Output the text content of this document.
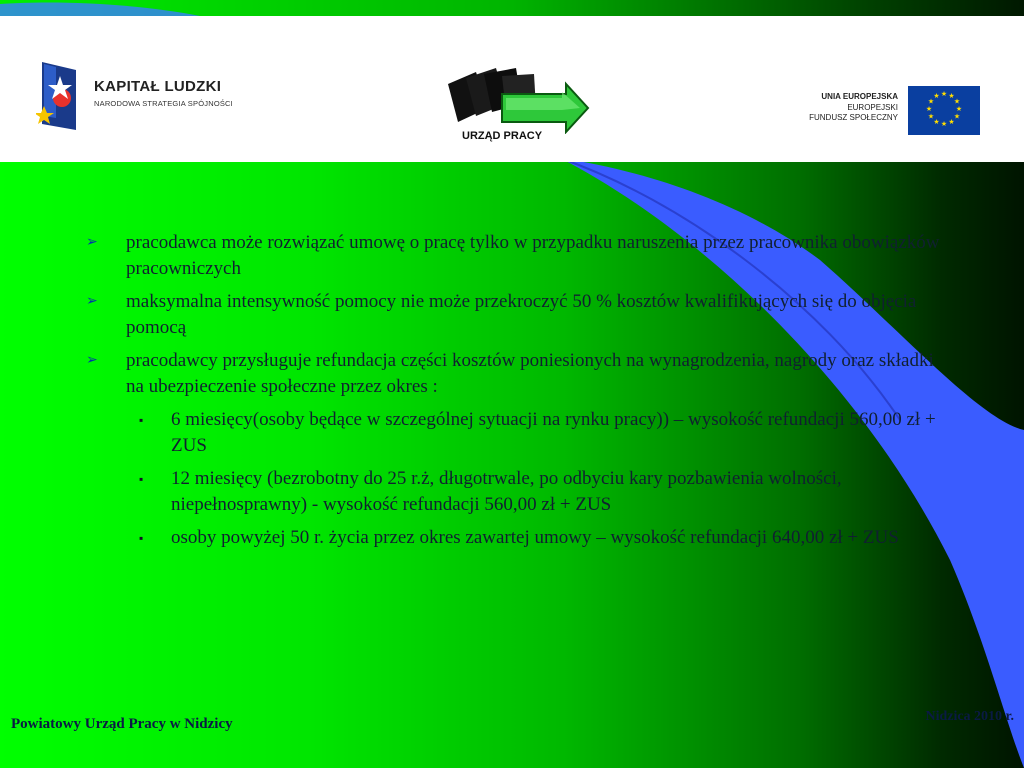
KAPITAŁ LUDZKI
NARODOWA STRATEGIA SPÓJNOŚCI
URZĄD PRACY
UNIA EUROPEJSKA
EUROPEJSKI
FUNDUSZ SPOŁECZNY
★ ★
★
★
★
★
★
★
★
★
★
★
➢ pracodawca może rozwiązać umowę o pracę tylko w przypadku naruszenia przez pracownika obowiązków pracowniczych
➢ maksymalna intensywność pomocy nie może przekroczyć 50 % kosztów kwalifikujących się do objęcia pomocą
➢ pracodawcy przysługuje refundacja części kosztów poniesionych na wynagrodzenia, nagrody oraz składki na ubezpieczenie społeczne przez okres :
▪ 6 miesięcy(osoby będące w szczególnej sytuacji na rynku pracy)) – wysokość refundacji 560,00 zł + ZUS
▪ 12 miesięcy (bezrobotny do 25 r.ż, długotrwale, po odbyciu kary pozbawienia wolności, niepełnosprawny) - wysokość refundacji 560,00 zł + ZUS
▪ osoby powyżej 50 r. życia przez okres zawartej umowy – wysokość refundacji 640,00 zł + ZUS
Powiatowy Urząd Pracy w Nidzicy	Nidzica 2010 r.
